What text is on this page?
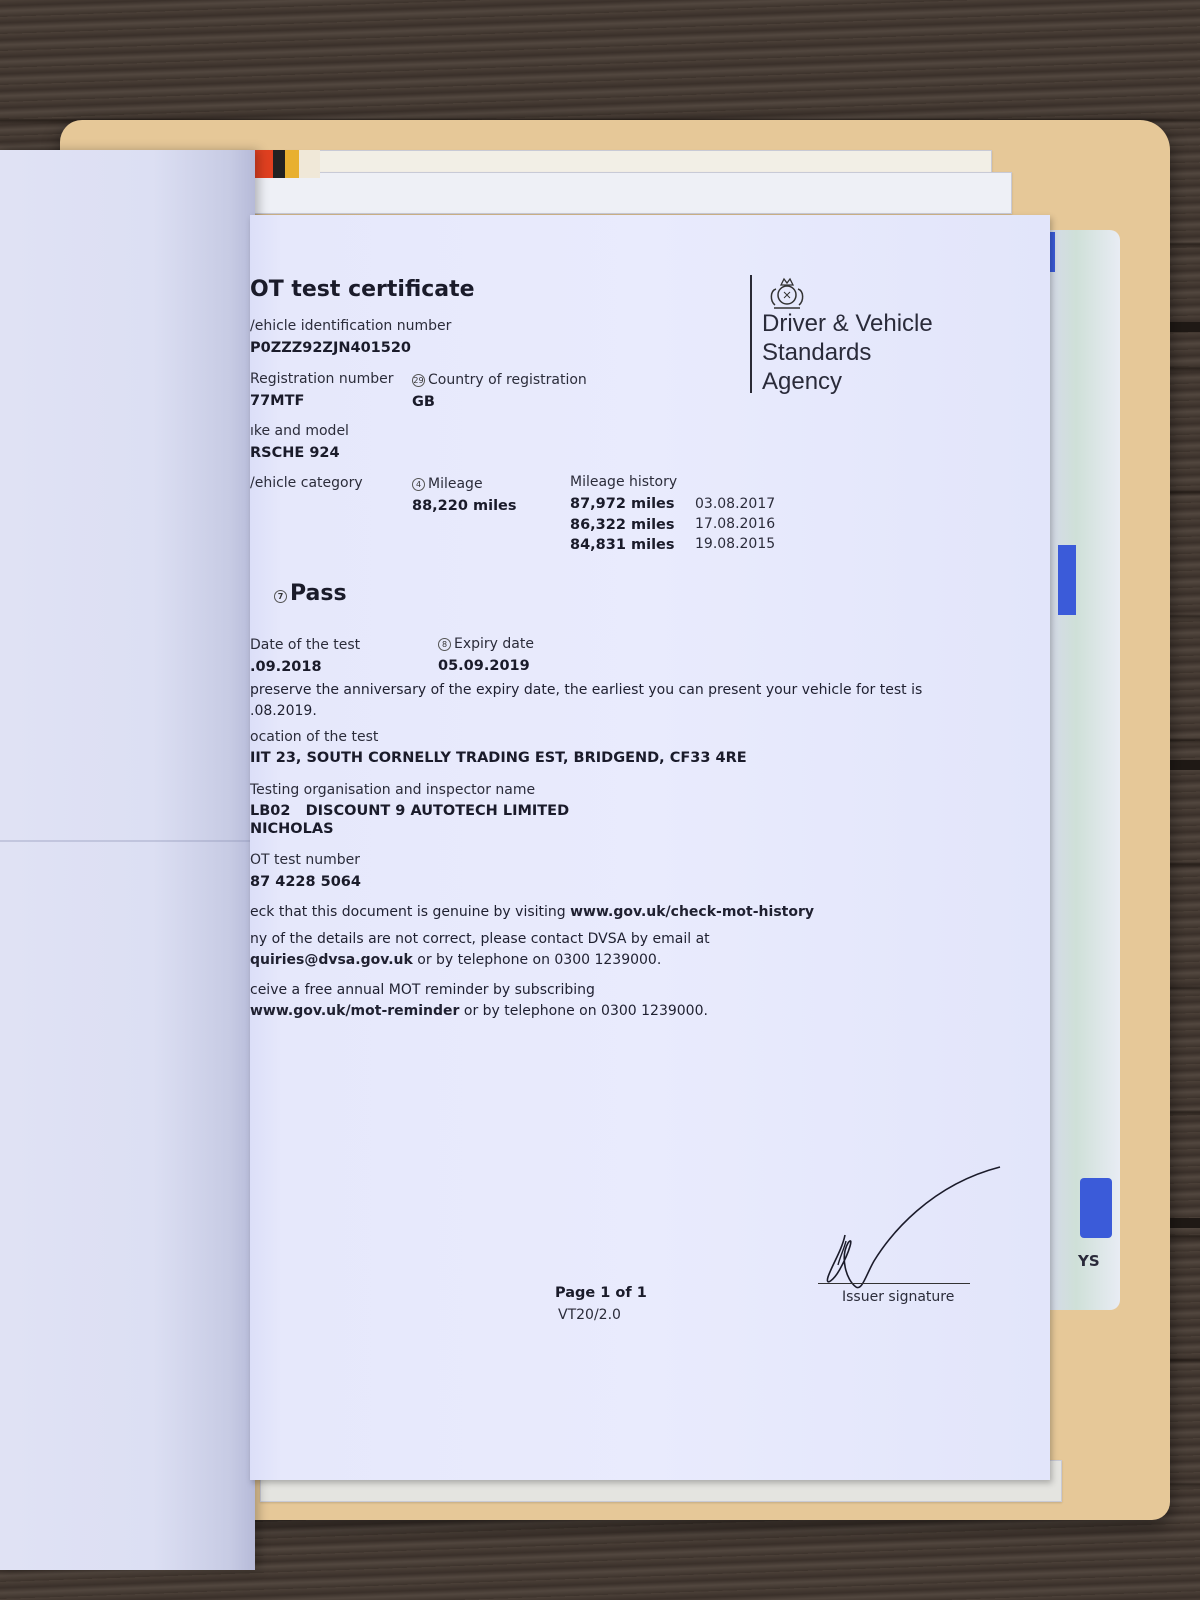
YS
OT test certificate
/ehicle identification number
P0ZZZ92ZJN401520
Registration number
77MTF
29 Country of registration
GB
ıke and model
RSCHE 924
/ehicle category	4 Mileage
88,220 miles
Mileage history
87,972 miles 03.08.2017
86,322 miles 17.08.2016
84,831 miles 19.08.2015
7 Pass
Date of the test
.09.2018
8 Expiry date
05.09.2019
preserve the anniversary of the expiry date, the earliest you can present your vehicle for test is
.08.2019.
ocation of the test
IIT 23, SOUTH CORNELLY TRADING EST, BRIDGEND, CF33 4RE
Testing organisation and inspector name
LB02   DISCOUNT 9 AUTOTECH LIMITED
NICHOLAS
OT test number
87 4228 5064
eck that this document is genuine by visiting www.gov.uk/check-mot-history
ny of the details are not correct, please contact DVSA by email at
quiries@dvsa.gov.uk or by telephone on 0300 1239000.
ceive a free annual MOT reminder by subscribing
www.gov.uk/mot-reminder or by telephone on 0300 1239000.
Driver & Vehicle
Standards
Agency
Issuer signature
Page 1 of 1
VT20/2.0
